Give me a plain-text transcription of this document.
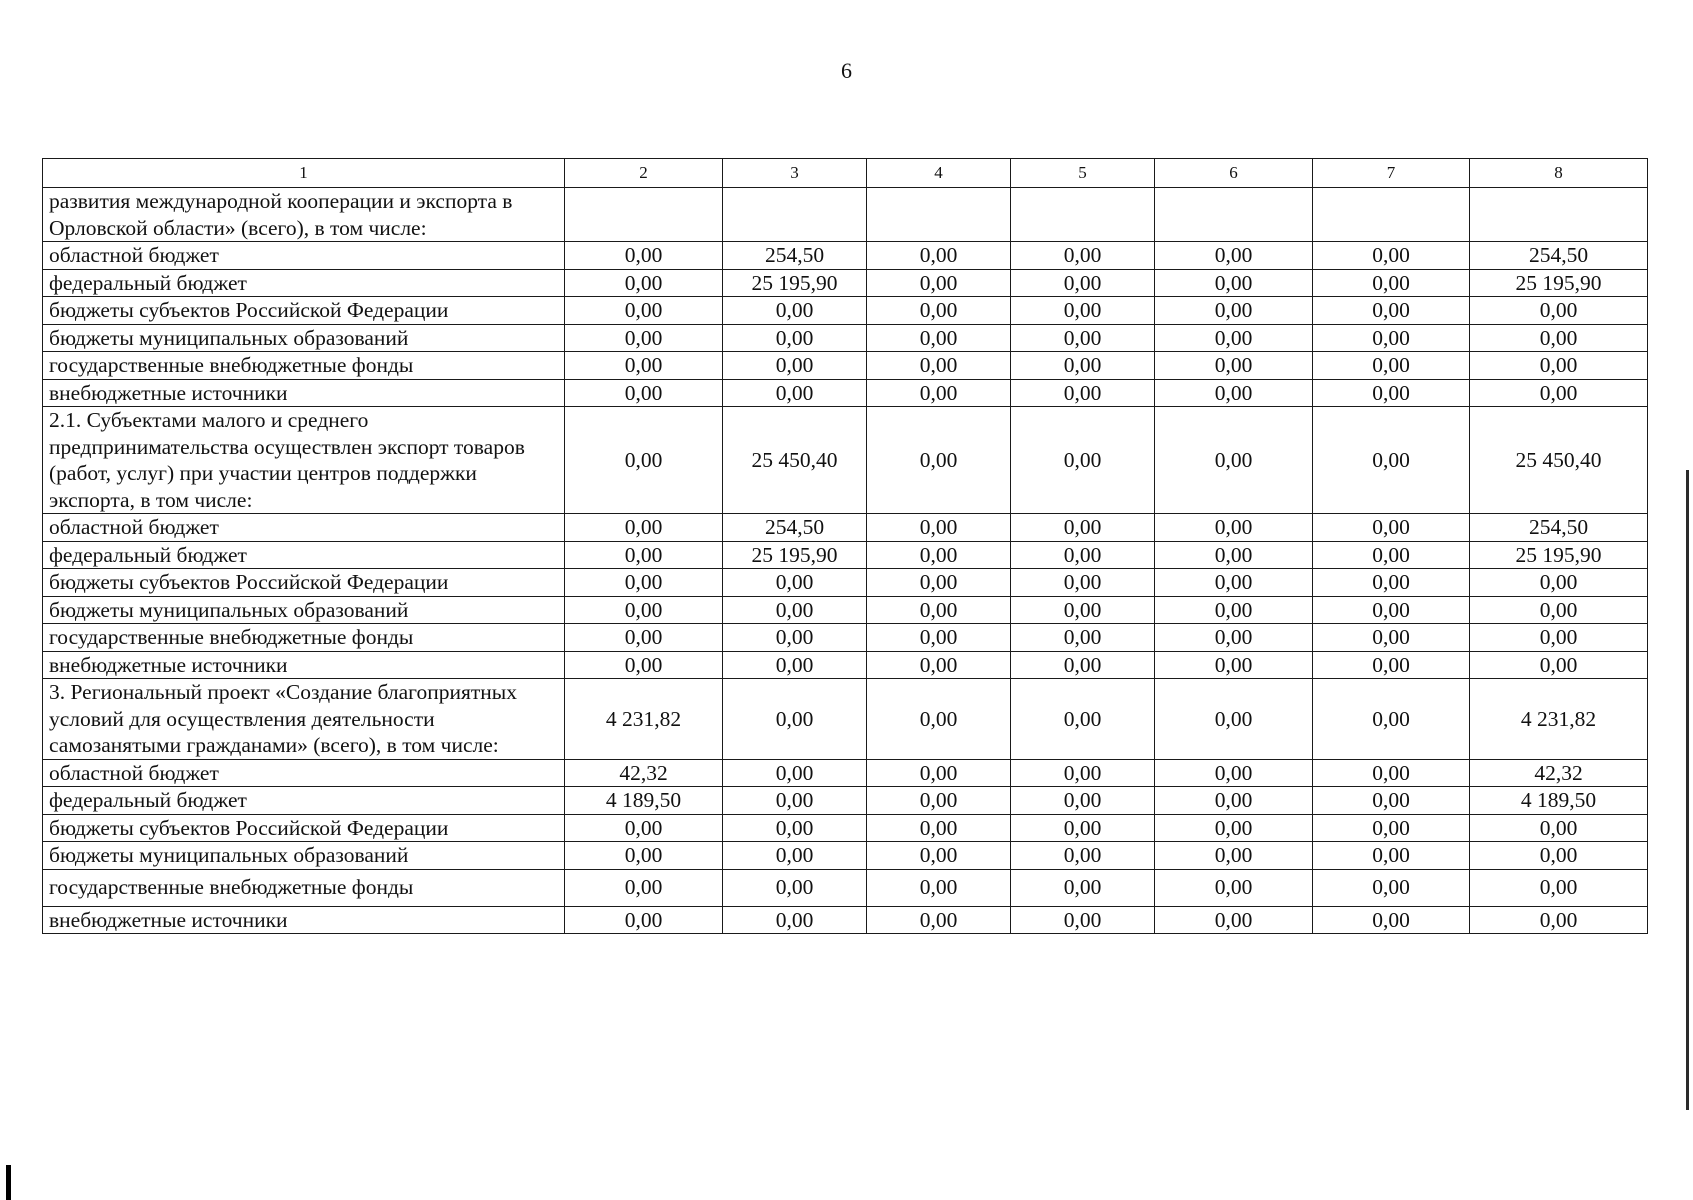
6
1	2	3	4	5	6	7	8
развития международной кооперации и экспорта в Орловской области» (всего), в том числе:							
областной бюджет	0,00	254,50	0,00	0,00	0,00	0,00	254,50
федеральный бюджет	0,00	25 195,90	0,00	0,00	0,00	0,00	25 195,90
бюджеты субъектов Российской Федерации	0,00	0,00	0,00	0,00	0,00	0,00	0,00
бюджеты муниципальных образований	0,00	0,00	0,00	0,00	0,00	0,00	0,00
государственные внебюджетные фонды	0,00	0,00	0,00	0,00	0,00	0,00	0,00
внебюджетные источники	0,00	0,00	0,00	0,00	0,00	0,00	0,00
2.1. Субъектами малого и среднего предпринимательства осуществлен экспорт товаров (работ, услуг) при участии центров поддержки экспорта, в том числе:	0,00	25 450,40	0,00	0,00	0,00	0,00	25 450,40
областной бюджет	0,00	254,50	0,00	0,00	0,00	0,00	254,50
федеральный бюджет	0,00	25 195,90	0,00	0,00	0,00	0,00	25 195,90
бюджеты субъектов Российской Федерации	0,00	0,00	0,00	0,00	0,00	0,00	0,00
бюджеты муниципальных образований	0,00	0,00	0,00	0,00	0,00	0,00	0,00
государственные внебюджетные фонды	0,00	0,00	0,00	0,00	0,00	0,00	0,00
внебюджетные источники	0,00	0,00	0,00	0,00	0,00	0,00	0,00
3. Региональный проект «Создание благоприятных условий для осуществления деятельности самозанятыми гражданами» (всего), в том числе:	4 231,82	0,00	0,00	0,00	0,00	0,00	4 231,82
областной бюджет	42,32	0,00	0,00	0,00	0,00	0,00	42,32
федеральный бюджет	4 189,50	0,00	0,00	0,00	0,00	0,00	4 189,50
бюджеты субъектов Российской Федерации	0,00	0,00	0,00	0,00	0,00	0,00	0,00
бюджеты муниципальных образований	0,00	0,00	0,00	0,00	0,00	0,00	0,00
государственные внебюджетные фонды	0,00	0,00	0,00	0,00	0,00	0,00	0,00
внебюджетные источники	0,00	0,00	0,00	0,00	0,00	0,00	0,00
